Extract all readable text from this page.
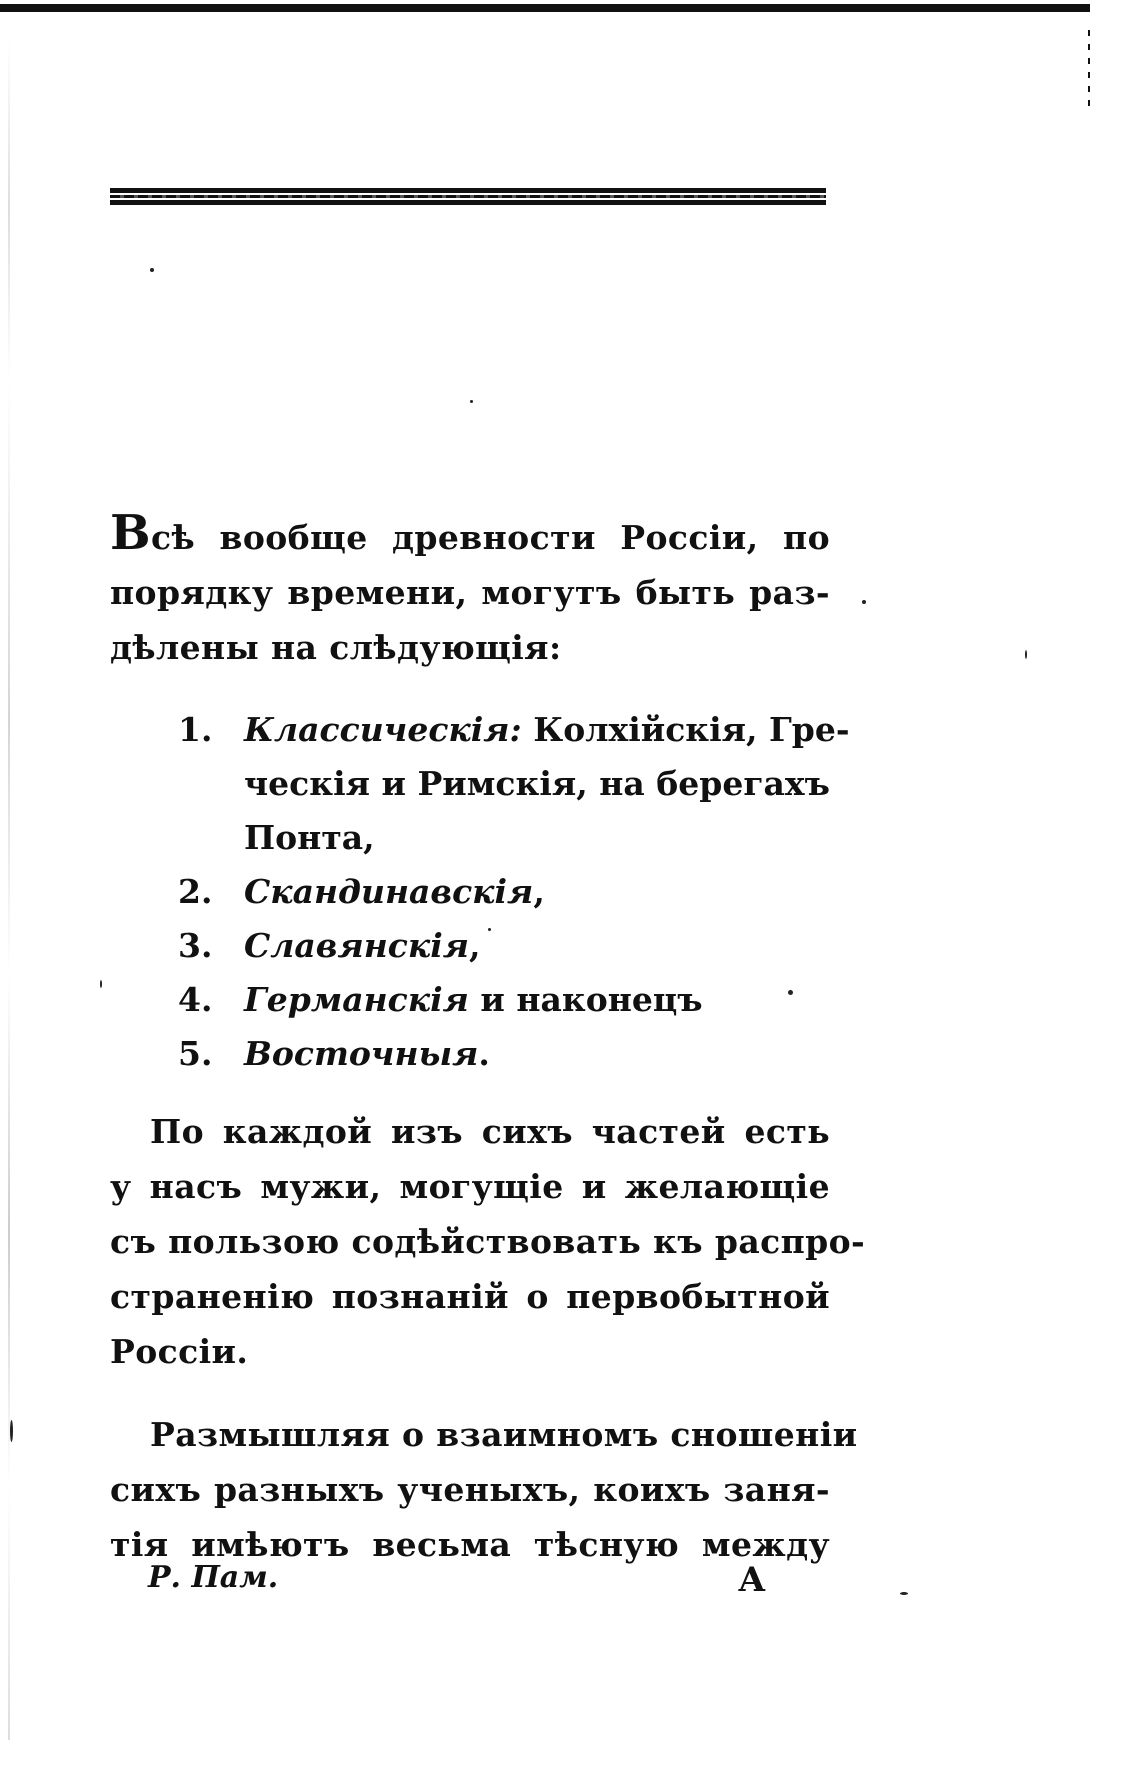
Всѣ вообще древности Россіи, по
порядку времени, могутъ быть раз-
дѣлены на слѣдующія:
1. Классическія: Колхійскія, Гре-
ческія и Римскія, на берегахъ
Понта,
2. Скандинавскія,
3. Славянскія,
4. Германскія и наконецъ
5. Восточныя.
По каждой изъ сихъ частей есть
у насъ мужи, могущіе и желающіе
съ пользою содѣйствовать къ распро-
страненію познаній о первобытной
Россіи.
Размышляя о взаимномъ сношеніи
сихъ разныхъ ученыхъ, коихъ заня-
тія имѣютъ весьма тѣсную между
Р. Пам.	А
